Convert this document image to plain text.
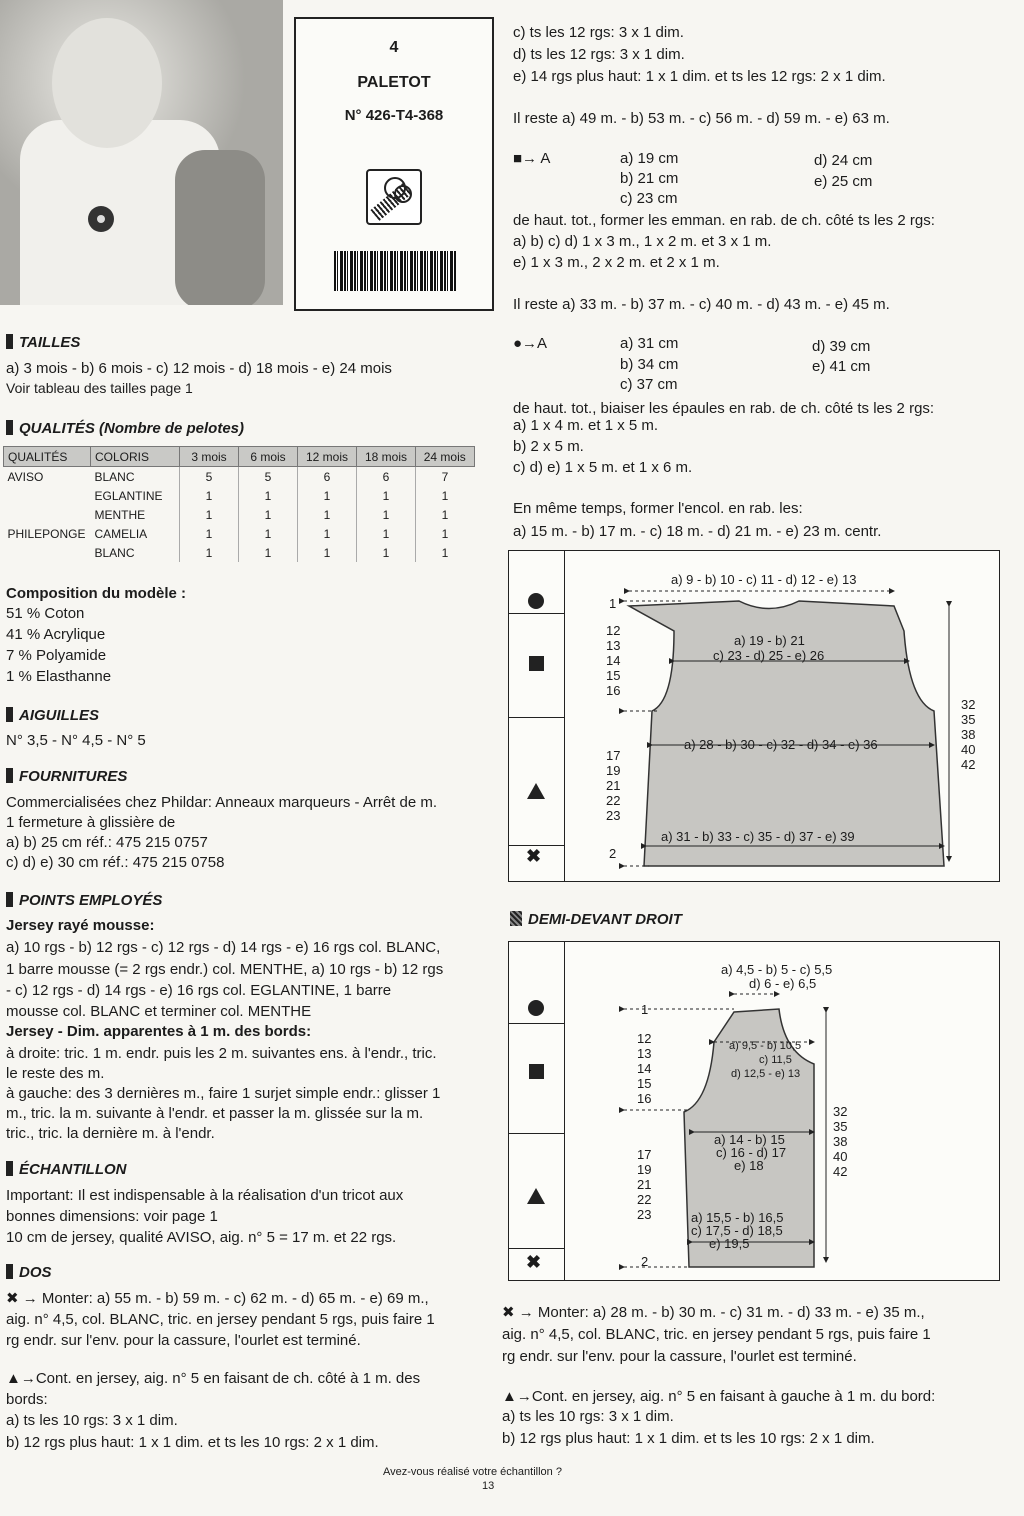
4
PALETOT
N° 426-T4-368
TAILLES
a) 3 mois - b) 6 mois - c) 12 mois - d) 18 mois - e) 24 mois
Voir tableau des tailles page 1
QUALITÉS (Nombre de pelotes)
QUALITÉS	COLORIS	3 mois	6 mois	12 mois	18 mois	24 mois
AVISO	BLANC	5	5	6	6	7
	EGLANTINE	1	1	1	1	1
	MENTHE	1	1	1	1	1
PHILEPONGE	CAMELIA	1	1	1	1	1
	BLANC	1	1	1	1	1
Composition du modèle :
51 % Coton
41 % Acrylique
7 % Polyamide
1 % Elasthanne
AIGUILLES
N° 3,5 - N° 4,5 - N° 5
FOURNITURES
Commercialisées chez Phildar: Anneaux marqueurs - Arrêt de m.
1 fermeture à glissière de
a) b) 25 cm réf.: 475 215 0757
c) d) e) 30 cm réf.: 475 215 0758
POINTS EMPLOYÉS
Jersey rayé mousse:
a) 10 rgs - b) 12 rgs - c) 12 rgs - d) 14 rgs - e) 16 rgs col. BLANC,
1 barre mousse (= 2 rgs endr.) col. MENTHE, a) 10 rgs - b) 12 rgs
- c) 12 rgs - d) 14 rgs - e) 16 rgs col. EGLANTINE, 1 barre
mousse col. BLANC et terminer col. MENTHE
Jersey - Dim. apparentes à 1 m. des bords:
à droite: tric. 1 m. endr. puis les 2 m. suivantes ens. à l'endr., tric.
le reste des m.
à gauche: des 3 dernières m., faire 1 surjet simple endr.: glisser 1
m., tric. la m. suivante à l'endr. et passer la m. glissée sur la m.
tric., tric. la dernière m. à l'endr.
ÉCHANTILLON
Important: Il est indispensable à la réalisation d'un tricot aux
bonnes dimensions: voir page 1
10 cm de jersey, qualité AVISO, aig. n° 5 = 17 m. et 22 rgs.
DOS
✖ → Monter: a) 55 m. - b) 59 m. - c) 62 m. - d) 65 m. - e) 69 m.,
aig. n° 4,5, col. BLANC, tric. en jersey pendant 5 rgs, puis faire 1
rg endr. sur l'env. pour la cassure, l'ourlet est terminé.
▲→Cont. en jersey, aig. n° 5 en faisant de ch. côté à 1 m. des
bords:
a) ts les 10 rgs: 3 x 1 dim.
b) 12 rgs plus haut: 1 x 1 dim. et ts les 10 rgs: 2 x 1 dim.
c) ts les 12 rgs: 3 x 1 dim.
d) ts les 12 rgs: 3 x 1 dim.
e) 14 rgs plus haut: 1 x 1 dim. et ts les 12 rgs: 2 x 1 dim.
Il reste a) 49 m. - b) 53 m. - c) 56 m. - d) 59 m. - e) 63 m.
■→ A	a) 19 cm
b) 21 cm
c) 23 cm
d) 24 cm
e) 25 cm
de haut. tot., former les emman. en rab. de ch. côté ts les 2 rgs:
a) b) c) d) 1 x 3 m., 1 x 2 m. et 3 x 1 m.
e) 1 x 3 m., 2 x 2 m. et 2 x 1 m.
Il reste a) 33 m. - b) 37 m. - c) 40 m. - d) 43 m. - e) 45 m.
●→A	a) 31 cm
b) 34 cm
c) 37 cm
d) 39 cm
e) 41 cm
de haut. tot., biaiser les épaules en rab. de ch. côté ts les 2 rgs:
a) 1 x 4 m. et 1 x 5 m.
b) 2 x 5 m.
c) d) e) 1 x 5 m. et 1 x 6 m.
En même temps, former l'encol. en rab. les:
a) 15 m. - b) 17 m. - c) 18 m. - d) 21 m. - e) 23 m. centr.
✖
a) 9 - b) 10 - c) 11 - d) 12 - e) 13
a) 19 - b) 21
c) 23 - d) 25 - e) 26
a) 28 - b) 30 - c) 32 - d) 34 - e) 36
a) 31 - b) 33 - c) 35 - d) 37 - e) 39
1
2
12
13
14
15
16
17
19
21
22
23
32
35
38
40
42
DEMI-DEVANT DROIT
✖
a) 4,5 - b) 5 - c) 5,5
d) 6 - e) 6,5
a) 9,5 - b) 10,5
c) 11,5
d) 12,5 - e) 13
a) 14 - b) 15
c) 16 - d) 17
e) 18
a) 15,5 - b) 16,5
c) 17,5 - d) 18,5
e) 19,5
1
2
12
13
14
15
16
17
19
21
22
23
32
35
38
40
42
✖ → Monter: a) 28 m. - b) 30 m. - c) 31 m. - d) 33 m. - e) 35 m.,
aig. n° 4,5, col. BLANC, tric. en jersey pendant 5 rgs, puis faire 1
rg endr. sur l'env. pour la cassure, l'ourlet est terminé.
▲→Cont. en jersey, aig. n° 5 en faisant à gauche à 1 m. du bord:
a) ts les 10 rgs: 3 x 1 dim.
b) 12 rgs plus haut: 1 x 1 dim. et ts les 10 rgs: 2 x 1 dim.
Avez-vous réalisé votre échantillon ?
13
